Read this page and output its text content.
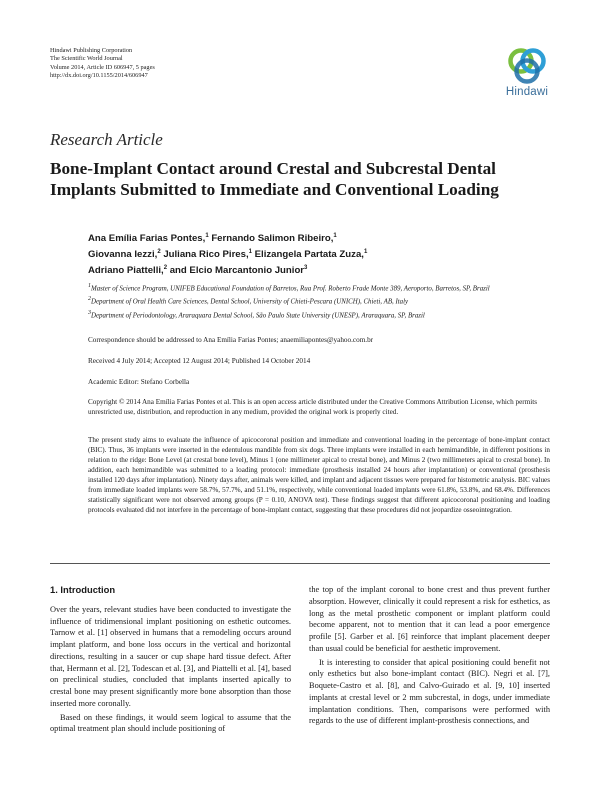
Hindawi Publishing Corporation
The Scientific World Journal
Volume 2014, Article ID 606947, 5 pages
http://dx.doi.org/10.1155/2014/606947
Hindawi
Research Article
Bone-Implant Contact around Crestal and Subcrestal Dental Implants Submitted to Immediate and Conventional Loading
Ana Emília Farias Pontes,$^1$ Fernando Salimon Ribeiro,$^1$
Giovanna Iezzi,$^2$ Juliana Rico Pires,$^1$ Elizangela Partata Zuza,$^1$
Adriano Piattelli,$^2$ and Elcio Marcantonio Junior$^3$
$^1$Master of Science Program, UNIFEB Educational Foundation of Barretos, Rua Prof. Roberto Frade Monte 389, Aeroporto, Barretos, SP, Brazil
$^2$Department of Oral Health Care Sciences, Dental School, University of Chieti-Pescara (UNICH), Chieti, AB, Italy
$^3$Department of Periodontology, Araraquara Dental School, São Paulo State University (UNESP), Araraquara, SP, Brazil
Correspondence should be addressed to Ana Emília Farias Pontes; anaemiliapontes@yahoo.com.br
Received 4 July 2014; Accepted 12 August 2014; Published 14 October 2014
Academic Editor: Stefano Corbella
Copyright © 2014 Ana Emília Farias Pontes et al. This is an open access article distributed under the Creative Commons Attribution License, which permits unrestricted use, distribution, and reproduction in any medium, provided the original work is properly cited.
The present study aims to evaluate the influence of apicocoronal position and immediate and conventional loading in the percentage of bone-implant contact (BIC). Thus, 36 implants were inserted in the edentulous mandible from six dogs. Three implants were installed in each hemimandible, in different positions in relation to the ridge: Bone Level (at crestal bone level), Minus 1 (one millimeter apical to crestal bone), and Minus 2 (two millimeters apical to crestal bone). In addition, each hemimandible was submitted to a loading protocol: immediate (prosthesis installed 24 hours after implantation) or conventional (prosthesis installed 120 days after implantation). Ninety days after, animals were killed, and implant and adjacent tissues were prepared for histometric analysis. BIC values from immediate loaded implants were 58.7%, 57.7%, and 51.1%, respectively, while conventional loaded implants were 61.8%, 53.8%, and 68.4%. Differences statistically significant were not observed among groups (P = 0.10, ANOVA test). These findings suggest that different apicocoronal positioning and loading protocols evaluated did not interfere in the percentage of bone-implant contact, suggesting that these procedures did not jeopardize osseointegration.
1. Introduction

Over the years, relevant studies have been conducted to investigate the influence of tridimensional implant positioning on esthetic outcomes. Tarnow et al. [1] observed in humans that a remodeling occurs around implant platform, and bone loss occurs in the vertical and horizontal directions, resulting in a saucer or cup shape hard tissue defect. After that, Hermann et al. [2], Todescan et al. [3], and Piattelli et al. [4], based on preclinical studies, concluded that implants inserted apically to crestal bone may present significantly more bone absorption than those inserted more coronally.

Based on these findings, it would seem logical to assume that the optimal treatment plan should include positioning of

the top of the implant coronal to bone crest and thus prevent further absorption. However, clinically it could represent a risk for esthetics, as long as the metal prosthetic component or implant platform could become apparent, not to mention that it can lead a poor emergence profile [5]. Garber et al. [6] reinforce that implant placement deeper than usual could be beneficial for aesthetic improvement.

It is interesting to consider that apical positioning could benefit not only esthetics but also bone-implant contact (BIC). Negri et al. [7], Boquete-Castro et al. [8], and Calvo-Guirado et al. [9, 10] inserted implants at crestal level or 2 mm subcrestal, in dogs, under immediate implantation conditions. Then, comparisons were performed with regards to the use of different implant-prosthesis connections, and
